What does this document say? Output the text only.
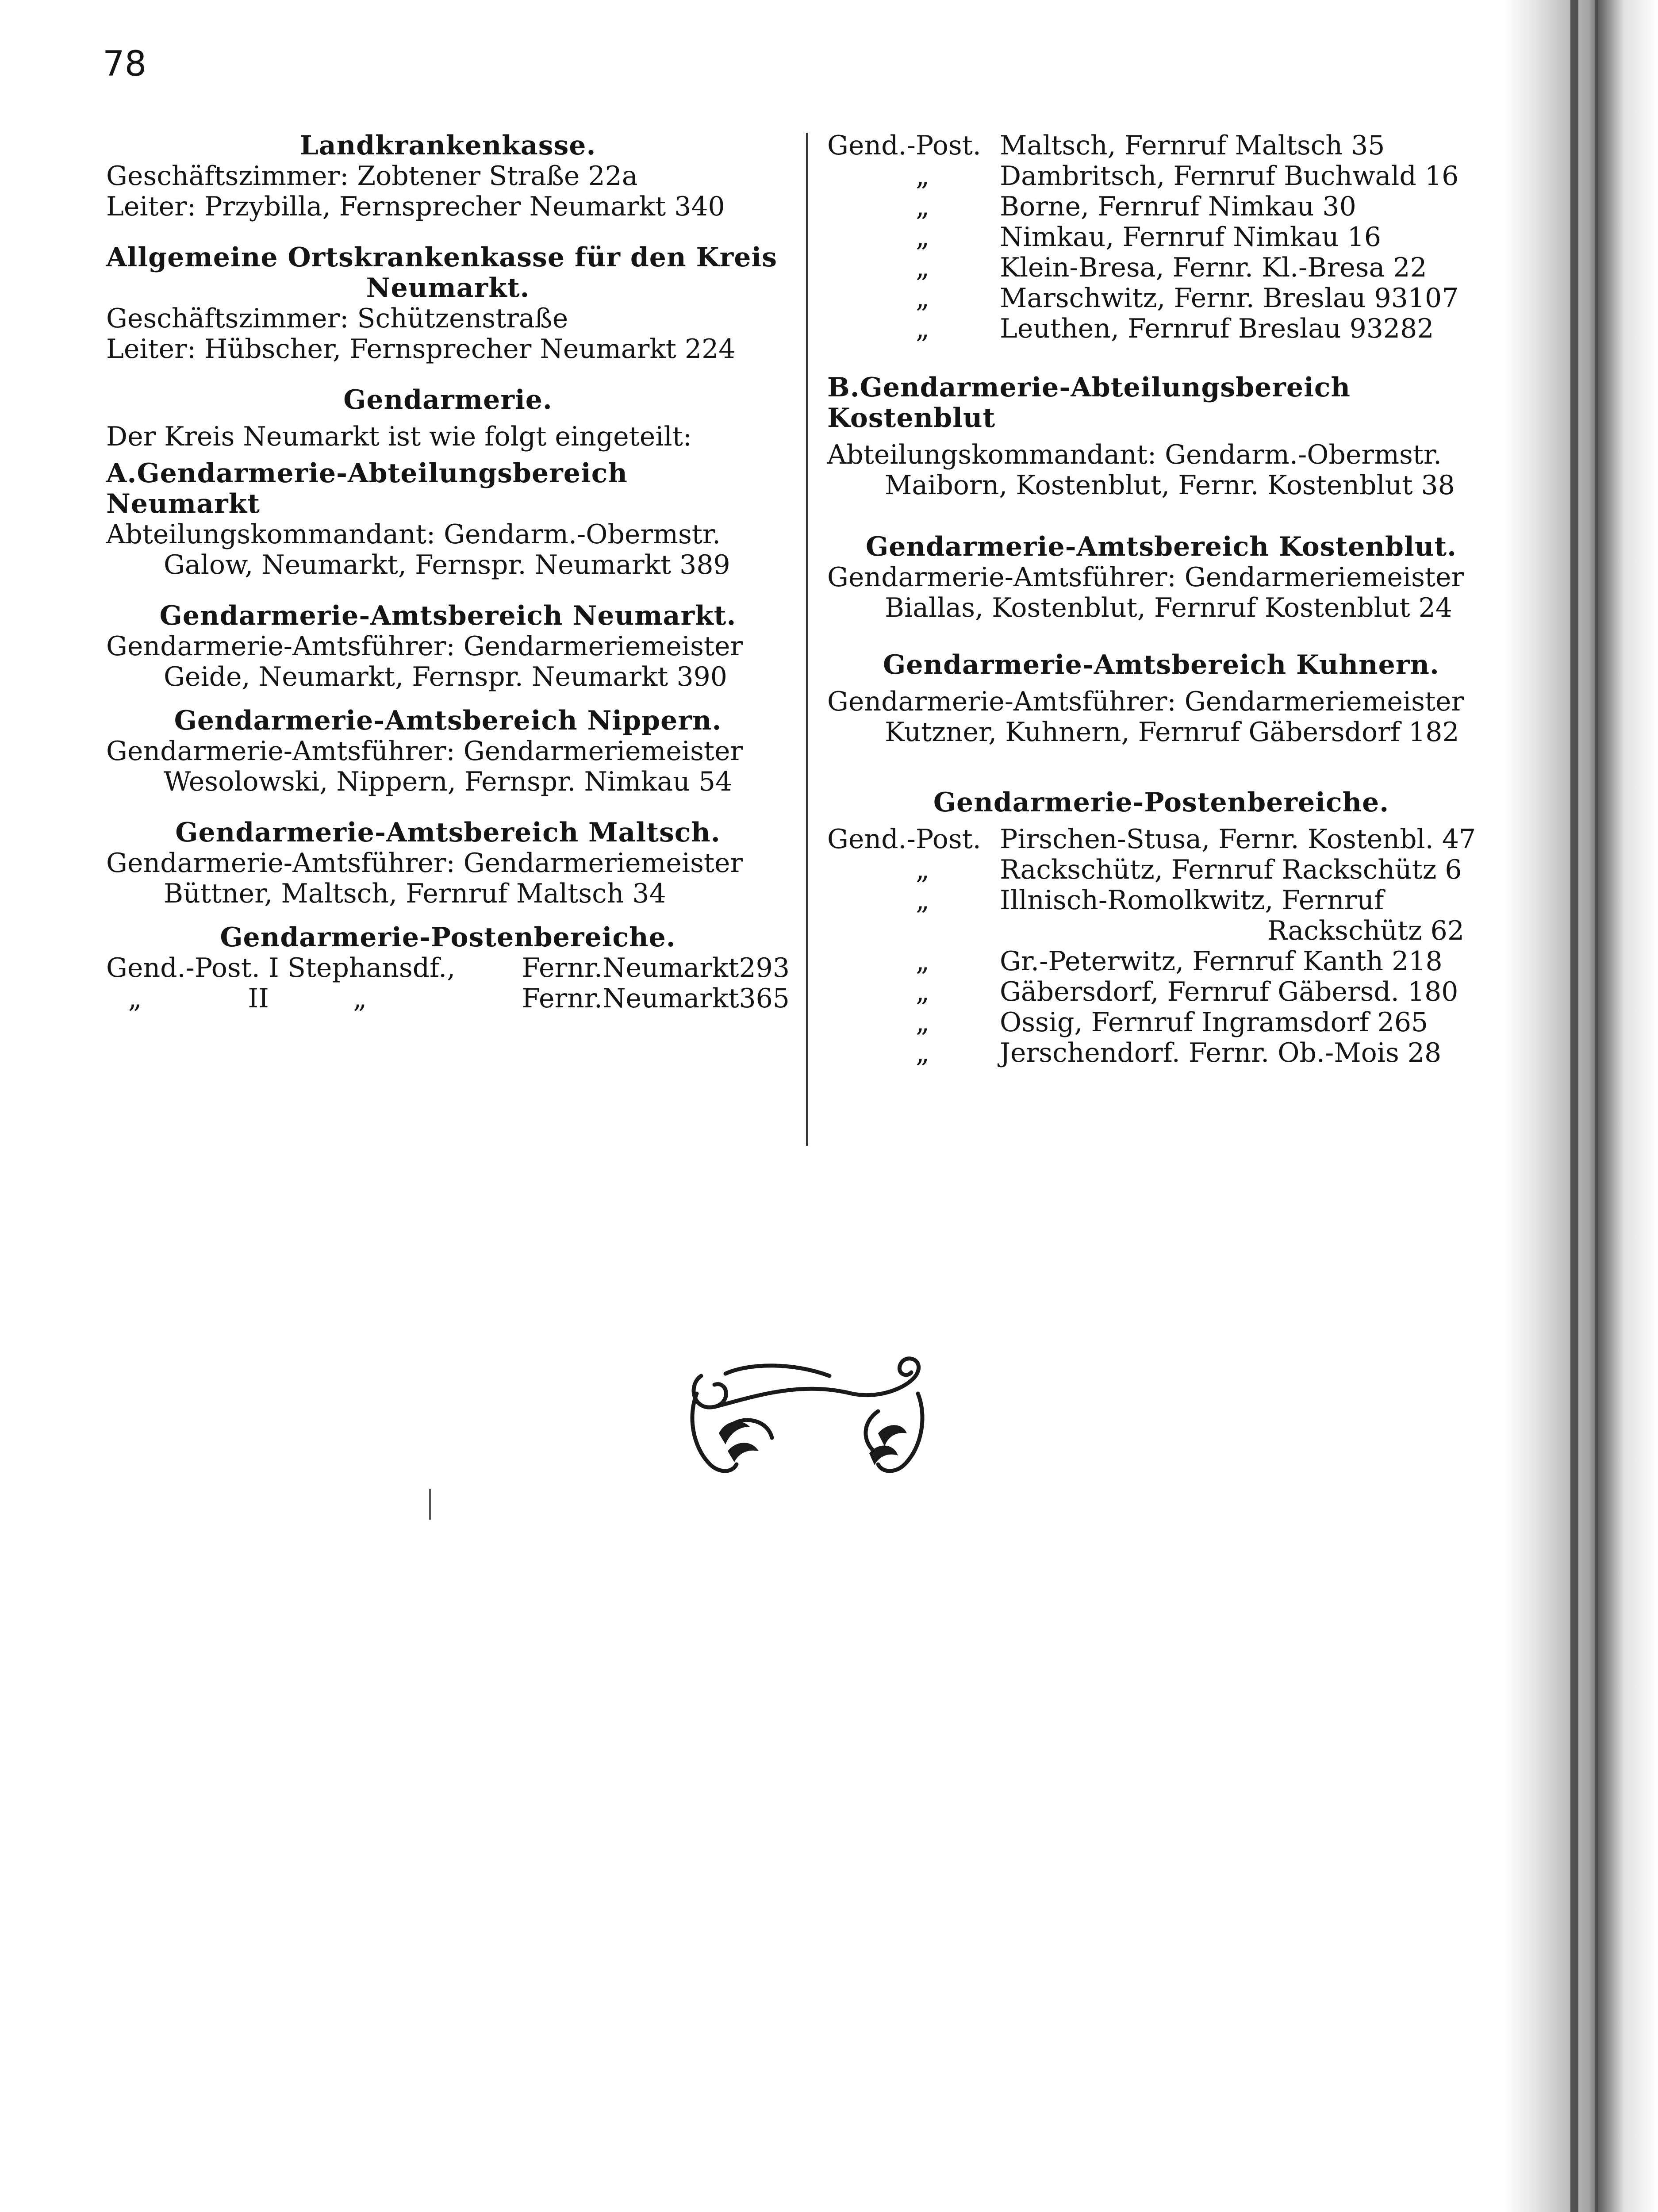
78
Landkrankenkasse.
Geschäftszimmer: Zobtener Straße 22a
Leiter: Przybilla, Fernsprecher Neumarkt 340
Allgemeine Ortskrankenkasse für den Kreis
Neumarkt.
Geschäftszimmer: Schützenstraße
Leiter: Hübscher, Fernsprecher Neumarkt 224
Gendarmerie.
Der Kreis Neumarkt ist wie folgt eingeteilt:
A.Gendarmerie-Abteilungsbereich Neumarkt
Abteilungskommandant: Gendarm.-Obermstr.
Galow, Neumarkt, Fernspr. Neumarkt 389
Gendarmerie-Amtsbereich Neumarkt.
Gendarmerie-Amtsführer: Gendarmeriemeister
Geide, Neumarkt, Fernspr. Neumarkt 390
Gendarmerie-Amtsbereich Nippern.
Gendarmerie-Amtsführer: Gendarmeriemeister
Wesolowski, Nippern, Fernspr. Nimkau 54
Gendarmerie-Amtsbereich Maltsch.
Gendarmerie-Amtsführer: Gendarmeriemeister
Büttner, Maltsch, Fernruf Maltsch 34
Gendarmerie-Postenbereiche.
Gend.-Post. I Stephansdf.,	Fernr.Neumarkt293
„	II	„	Fernr.Neumarkt365
Gend.-Post. Maltsch, Fernruf Maltsch 35
„	Dambritsch, Fernruf Buchwald 16
„	Borne, Fernruf Nimkau 30
„	Nimkau, Fernruf Nimkau 16
„	Klein-Bresa, Fernr. Kl.-Bresa 22
„	Marschwitz, Fernr. Breslau 93107
„	Leuthen, Fernruf Breslau 93282
B.Gendarmerie-Abteilungsbereich Kostenblut
Abteilungskommandant: Gendarm.-Obermstr.
Maiborn, Kostenblut, Fernr. Kostenblut 38
Gendarmerie-Amtsbereich Kostenblut.
Gendarmerie-Amtsführer: Gendarmeriemeister
Biallas, Kostenblut, Fernruf Kostenblut 24
Gendarmerie-Amtsbereich Kuhnern.
Gendarmerie-Amtsführer: Gendarmeriemeister
Kutzner, Kuhnern, Fernruf Gäbersdorf 182
Gendarmerie-Postenbereiche.
Gend.-Post. Pirschen-Stusa, Fernr. Kostenbl. 47
„	Rackschütz, Fernruf Rackschütz 6
„	Illnisch-Romolkwitz, Fernruf
Rackschütz 62
„	Gr.-Peterwitz, Fernruf Kanth 218
„	Gäbersdorf, Fernruf Gäbersd. 180
„	Ossig, Fernruf Ingramsdorf 265
„	Jerschendorf. Fernr. Ob.-Mois 28
